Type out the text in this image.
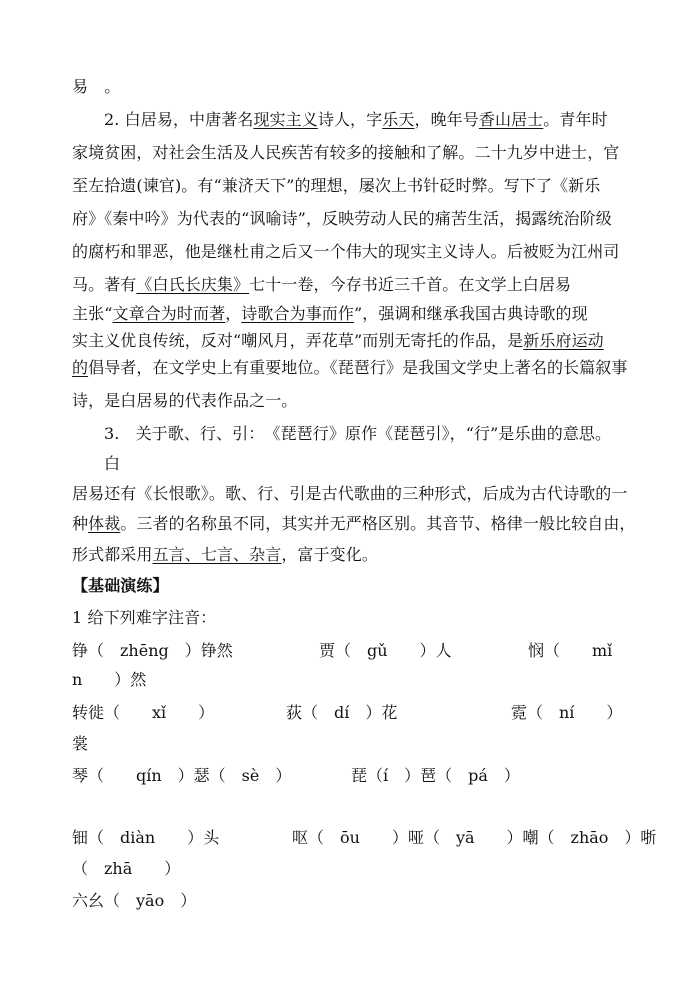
易　。
2. 白居易，中唐著名现实主义诗人，字乐天，晚年号香山居士。青年时
家境贫困，对社会生活及人民疾苦有较多的接触和了解。二十九岁中进士，官
至左拾遗(谏官)。有“兼济天下”的理想，屡次上书针砭时弊。写下了《新乐
府》《秦中吟》为代表的“讽喻诗”，反映劳动人民的痛苦生活，揭露统治阶级
的腐朽和罪恶，他是继杜甫之后又一个伟大的现实主义诗人。后被贬为江州司
马。著有《白氏长庆集》七十一卷，今存书近三千首。在文学上白居易
主张“文章合为时而著，诗歌合为事而作”，强调和继承我国古典诗歌的现
实主义优良传统，反对“嘲风月，弄花草”而别无寄托的作品，是新乐府运动
的倡导者，在文学史上有重要地位。《琵琶行》是我国文学史上著名的长篇叙事
诗，是白居易的代表作品之一。
3.　关于歌、行、引：　《琵琶行》原作《琵琶引》，“行”是乐曲的意思。
白
居易还有《长恨歌》。歌、行、引是古代歌曲的三种形式，后成为古代诗歌的一
种体裁。三者的名称虽不同，其实并无严格区别。其音节、格律一般比较自由，
形式都采用五言、七言、杂言，富于变化。
【基础演练】
1 给下列难字注音：
铮（　zhēng　）铮然	贾（　gǔ　　）人	悯（　　mǐ
n　　）然
转徙（　　xǐ　　）	荻（　dí　）花	霓（　ní　　）
裳
琴（　　qín　）瑟（　sè　）	琵（í　）琶（　pá　）
钿（　diàn　　）头	呕（　ōu　　）哑（　yā　　）嘲（　zhāo　）哳
（　zhā　　）
六幺（　yāo　）
